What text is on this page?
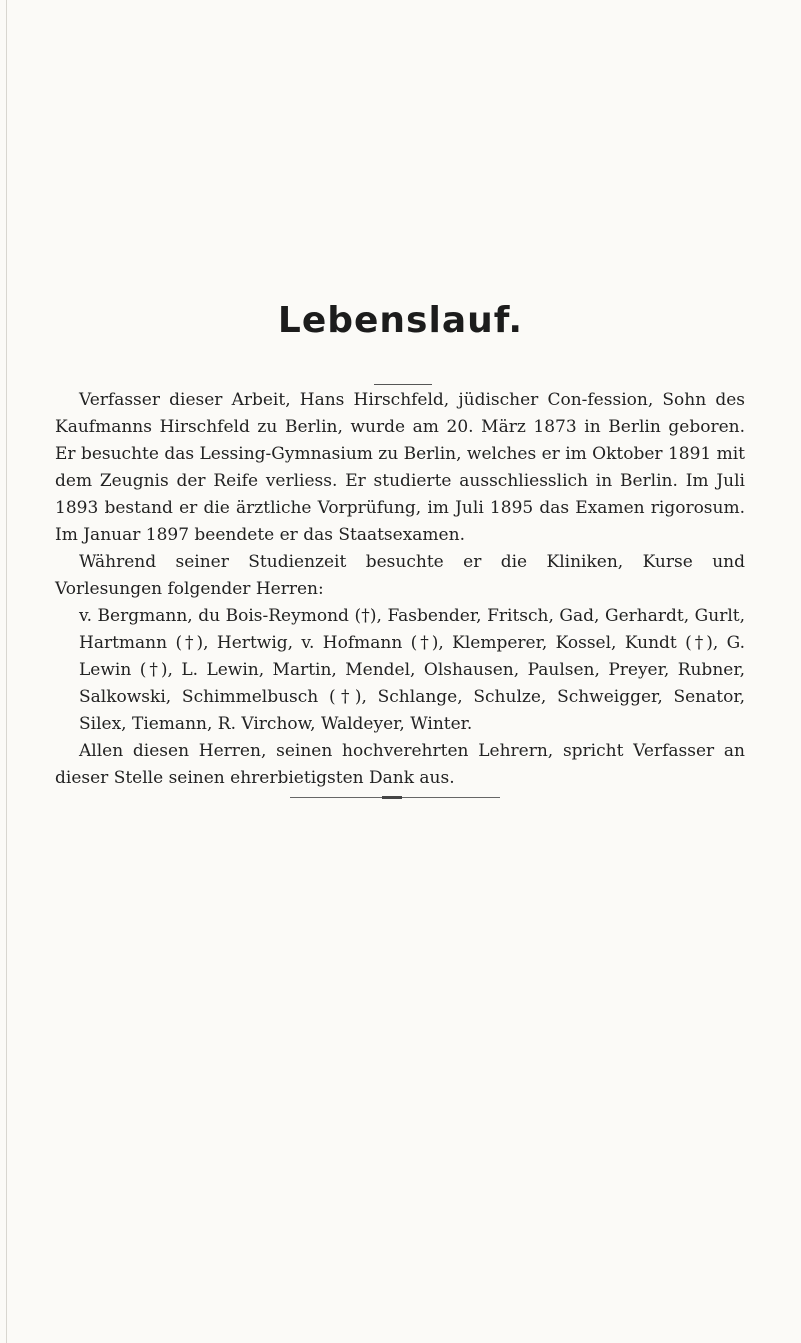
Lebenslauf.

Verfasser dieser Arbeit, Hans Hirschfeld, jüdischer Con-fession, Sohn des Kaufmanns Hirschfeld zu Berlin, wurde am 20. März 1873 in Berlin geboren. Er besuchte das Lessing-Gymnasium zu Berlin, welches er im Oktober 1891 mit dem Zeugnis der Reife verliess. Er studierte ausschliesslich in Berlin. Im Juli 1893 bestand er die ärztliche Vorprüfung, im Juli 1895 das Examen rigorosum. Im Januar 1897 beendete er das Staatsexamen.

Während seiner Studienzeit besuchte er die Kliniken, Kurse und Vorlesungen folgender Herren:

v. Bergmann, du Bois-Reymond (†), Fasbender, Fritsch, Gad, Gerhardt, Gurlt, Hartmann (†), Hertwig, v. Hofmann (†), Klemperer, Kossel, Kundt (†), G. Lewin (†), L. Lewin, Martin, Mendel, Olshausen, Paulsen, Preyer, Rubner, Salkowski, Schimmelbusch (†), Schlange, Schulze, Schweigger, Senator, Silex, Tiemann, R. Virchow, Waldeyer, Winter.

Allen diesen Herren, seinen hochverehrten Lehrern, spricht Verfasser an dieser Stelle seinen ehrerbietigsten Dank aus.
